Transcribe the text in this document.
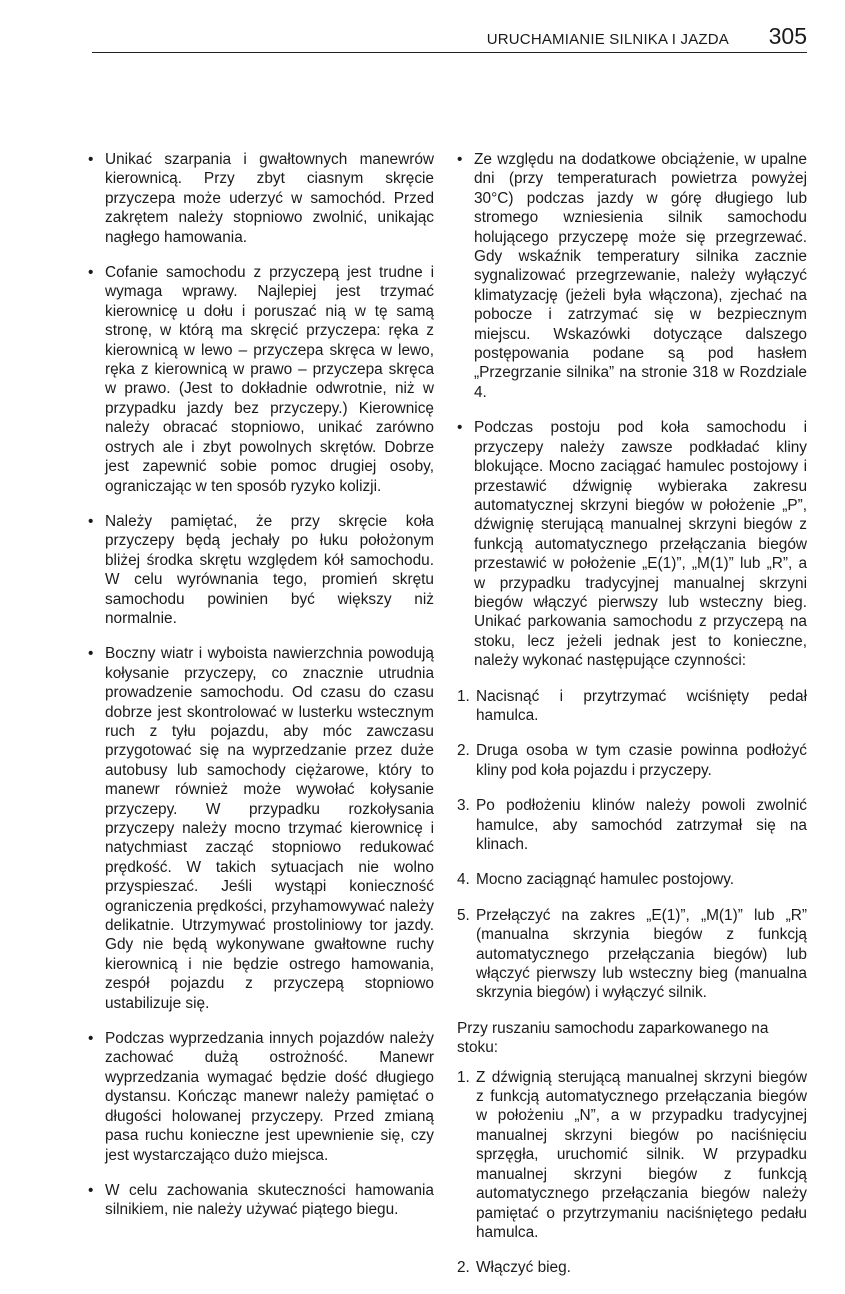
URUCHAMIANIE SILNIKA I JAZDA 305

• Unikać szarpania i gwałtownych manewrów kierownicą. Przy zbyt ciasnym skręcie przyczepa może uderzyć w samochód. Przed zakrętem należy stopniowo zwolnić, unikając nagłego hamowania.

• Cofanie samochodu z przyczepą jest trudne i wymaga wprawy. Najlepiej jest trzymać kierownicę u dołu i poruszać nią w tę samą stronę, w którą ma skręcić przyczepa: ręka z kierownicą w lewo – przyczepa skręca w lewo, ręka z kierownicą w prawo – przyczepa skręca w prawo. (Jest to dokładnie odwrotnie, niż w przypadku jazdy bez przyczepy.) Kierownicę należy obracać stopniowo, unikać zarówno ostrych ale i zbyt powolnych skrętów. Dobrze jest zapewnić sobie pomoc drugiej osoby, ograniczając w ten sposób ryzyko kolizji.

• Należy pamiętać, że przy skręcie koła przyczepy będą jechały po łuku położonym bliżej środka skrętu względem kół samochodu. W celu wyrównania tego, promień skrętu samochodu powinien być większy niż normalnie.

• Boczny wiatr i wyboista nawierzchnia powodują kołysanie przyczepy, co znacznie utrudnia prowadzenie samochodu. Od czasu do czasu dobrze jest skontrolować w lusterku wstecznym ruch z tyłu pojazdu, aby móc zawczasu przygotować się na wyprzedzanie przez duże autobusy lub samochody ciężarowe, który to manewr również może wywołać kołysanie przyczepy. W przypadku rozkołysania przyczepy należy mocno trzymać kierownicę i natychmiast zacząć stopniowo redukować prędkość. W takich sytuacjach nie wolno przyspieszać. Jeśli wystąpi konieczność ograniczenia prędkości, przyhamowywać należy delikatnie. Utrzymywać prostoliniowy tor jazdy. Gdy nie będą wykonywane gwałtowne ruchy kierownicą i nie będzie ostrego hamowania, zespół pojazdu z przyczepą stopniowo ustabilizuje się.

• Podczas wyprzedzania innych pojazdów należy zachować dużą ostrożność. Manewr wyprzedzania wymagać będzie dość długiego dystansu. Kończąc manewr należy pamiętać o długości holowanej przyczepy. Przed zmianą pasa ruchu konieczne jest upewnienie się, czy jest wystarczająco dużo miejsca.

• W celu zachowania skuteczności hamowania silnikiem, nie należy używać piątego biegu.

• Ze względu na dodatkowe obciążenie, w upalne dni (przy temperaturach powietrza powyżej 30°C) podczas jazdy w górę długiego lub stromego wzniesienia silnik samochodu holującego przyczepę może się przegrzewać. Gdy wskaźnik temperatury silnika zacznie sygnalizować przegrzewanie, należy wyłączyć klimatyzację (jeżeli była włączona), zjechać na pobocze i zatrzymać się w bezpiecznym miejscu. Wskazówki dotyczące dalszego postępowania podane są pod hasłem „Przegrzanie silnika” na stronie 318 w Rozdziale 4.

• Podczas postoju pod koła samochodu i przyczepy należy zawsze podkładać kliny blokujące. Mocno zaciągać hamulec postojowy i przestawić dźwignię wybieraka zakresu automatycznej skrzyni biegów w położenie „P”, dźwignię sterującą manualnej skrzyni biegów z funkcją automatycznego przełączania biegów przestawić w położenie „E(1)”, „M(1)” lub „R”, a w przypadku tradycyjnej manualnej skrzyni biegów włączyć pierwszy lub wsteczny bieg. Unikać parkowania samochodu z przyczepą na stoku, lecz jeżeli jednak jest to konieczne, należy wykonać następujące czynności:

1. Nacisnąć i przytrzymać wciśnięty pedał hamulca.
2. Druga osoba w tym czasie powinna podłożyć kliny pod koła pojazdu i przyczepy.
3. Po podłożeniu klinów należy powoli zwolnić hamulce, aby samochód zatrzymał się na klinach.
4. Mocno zaciągnąć hamulec postojowy.
5. Przełączyć na zakres „E(1)”, „M(1)” lub „R” (manualna skrzynia biegów z funkcją automatycznego przełączania biegów) lub włączyć pierwszy lub wsteczny bieg (manualna skrzynia biegów) i wyłączyć silnik.

Przy ruszaniu samochodu zaparkowanego na stoku:

1. Z dźwignią sterującą manualnej skrzyni biegów z funkcją automatycznego przełączania biegów w położeniu „N”, a w przypadku tradycyjnej manualnej skrzyni biegów po naciśnięciu sprzęgła, uruchomić silnik. W przypadku manualnej skrzyni biegów z funkcją automatycznego przełączania biegów należy pamiętać o przytrzymaniu naciśniętego pedału hamulca.
2. Włączyć bieg.
